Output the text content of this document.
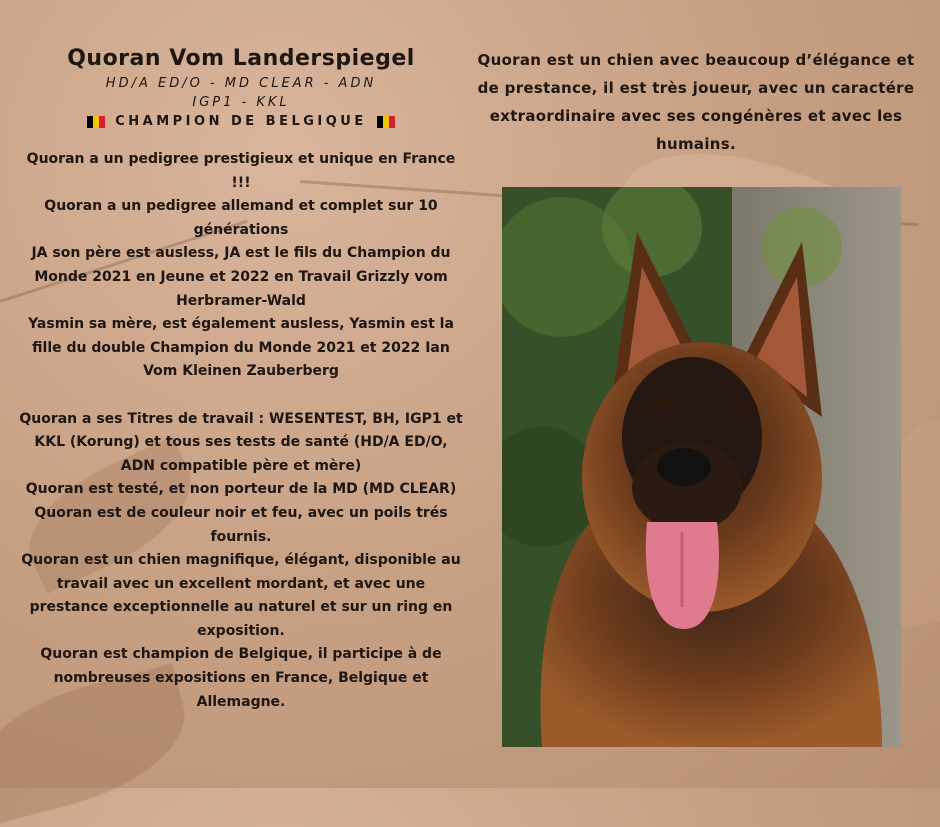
Quoran Vom Landerspiegel
HD/A ED/O - MD CLEAR - ADN
IGP1 - KKL
CHAMPION DE BELGIQUE

Quoran a un pedigree prestigieux et unique en France !!!

Quoran a un pedigree allemand et complet sur 10 générations

JA son père est ausless, JA est le fils du Champion du Monde 2021 en Jeune et 2022 en Travail Grizzly vom Herbramer-Wald

Yasmin sa mère, est également ausless, Yasmin est la fille du double Champion du Monde 2021 et 2022 Ian Vom Kleinen Zauberberg

Quoran a ses Titres de travail : WESENTEST, BH, IGP1 et KKL (Korung) et tous ses tests de santé (HD/A ED/O, ADN compatible père et mère)

Quoran est testé, et non porteur de la MD (MD CLEAR)

Quoran est de couleur noir et feu, avec un poils trés fournis.

Quoran est un chien magnifique, élégant, disponible au travail avec un excellent mordant, et avec une prestance exceptionnelle au naturel et sur un ring en exposition.

Quoran est champion de Belgique, il participe à de nombreuses expositions en France, Belgique et Allemagne.

Quoran est un chien avec beaucoup d’élégance et de prestance, il est très joueur, avec un caractére extraordinaire avec ses congénères et avec les humains.
